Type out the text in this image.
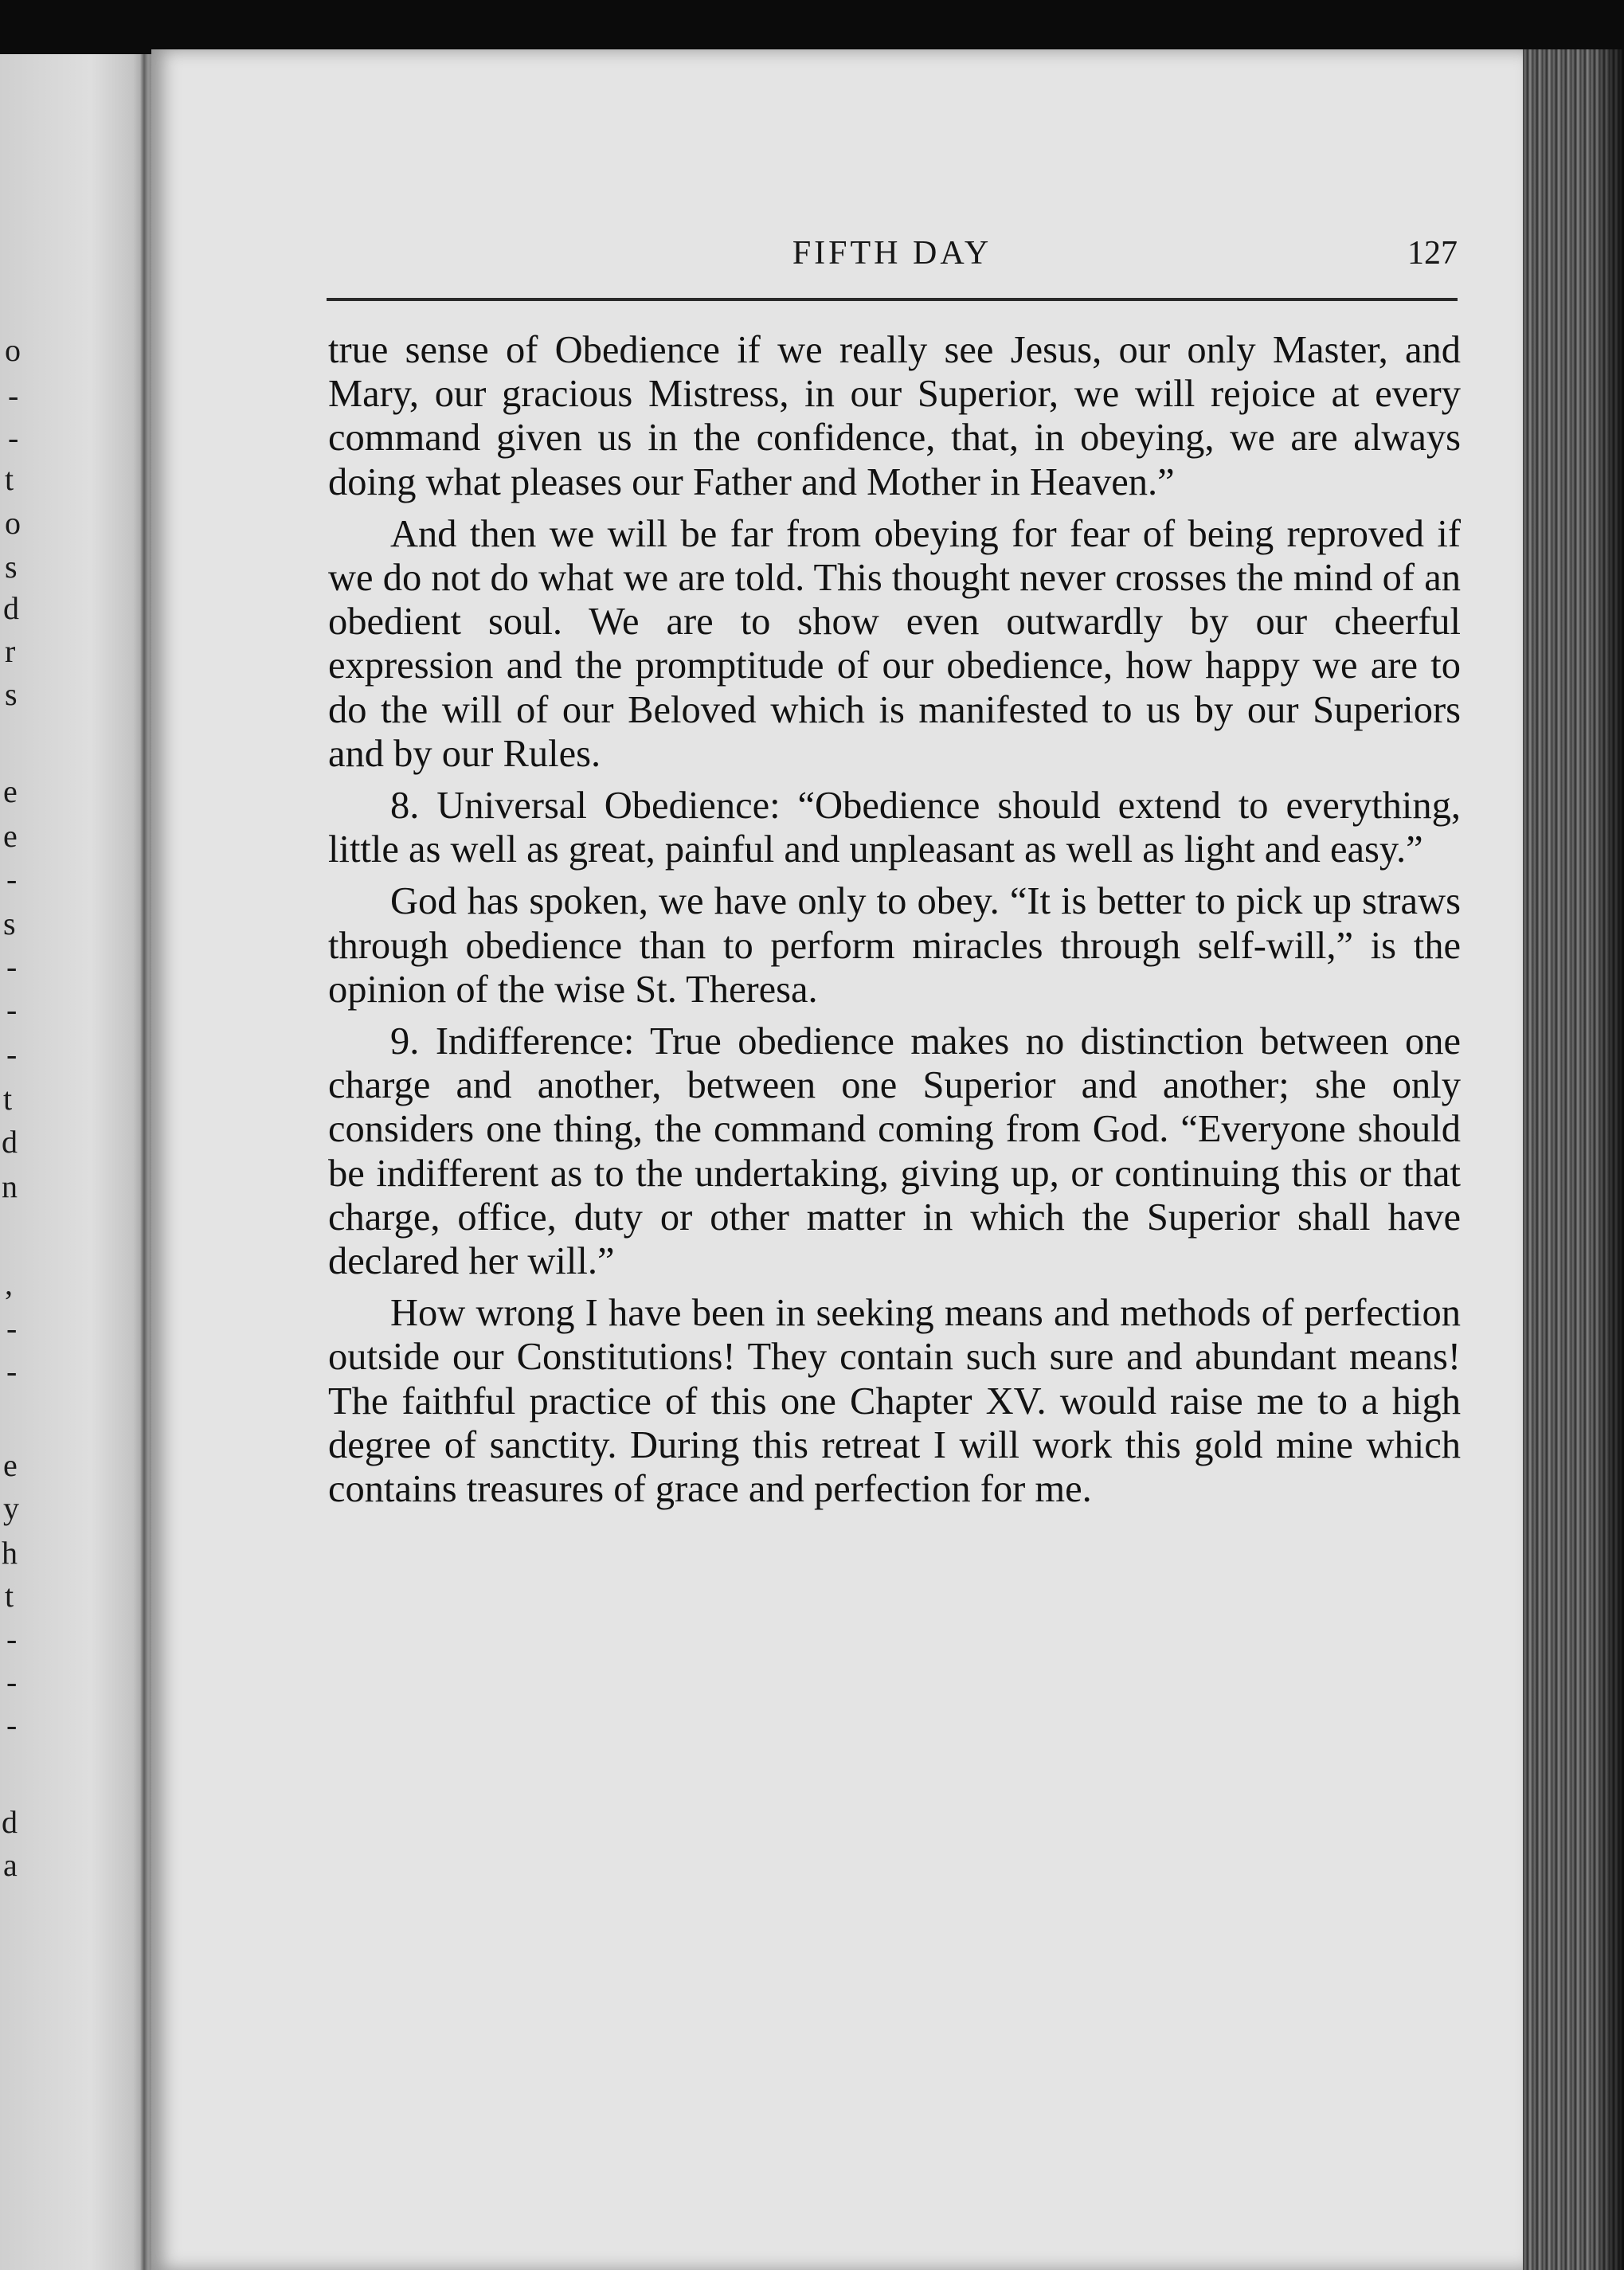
o
-
-
t
o
s
d
r
s
e
e
-
s
-
-
-
t
d
n
,
-
-
e
y
h
t
-
-
-
d
a
FIFTH DAY	127

true sense of Obedience if we really see Jesus, our only Master, and Mary, our gracious Mistress, in our Superior, we will rejoice at every command given us in the confidence, that, in obeying, we are always doing what pleases our Father and Mother in Heaven.”

And then we will be far from obeying for fear of being reproved if we do not do what we are told. This thought never crosses the mind of an obedient soul. We are to show even outwardly by our cheerful expression and the promptitude of our obedience, how happy we are to do the will of our Beloved which is manifested to us by our Superiors and by our Rules.

8. Universal Obedience: “Obedience should extend to everything, little as well as great, painful and unpleasant as well as light and easy.”

God has spoken, we have only to obey. “It is better to pick up straws through obedience than to perform miracles through self-will,” is the opinion of the wise St. Theresa.

9. Indifference: True obedience makes no distinction between one charge and another, between one Superior and another; she only considers one thing, the command coming from God. “Everyone should be indifferent as to the undertaking, giving up, or continuing this or that charge, office, duty or other matter in which the Superior shall have declared her will.”

How wrong I have been in seeking means and methods of perfection outside our Constitutions! They contain such sure and abundant means! The faithful practice of this one Chapter XV. would raise me to a high degree of sanctity. During this retreat I will work this gold mine which contains treasures of grace and perfection for me.
